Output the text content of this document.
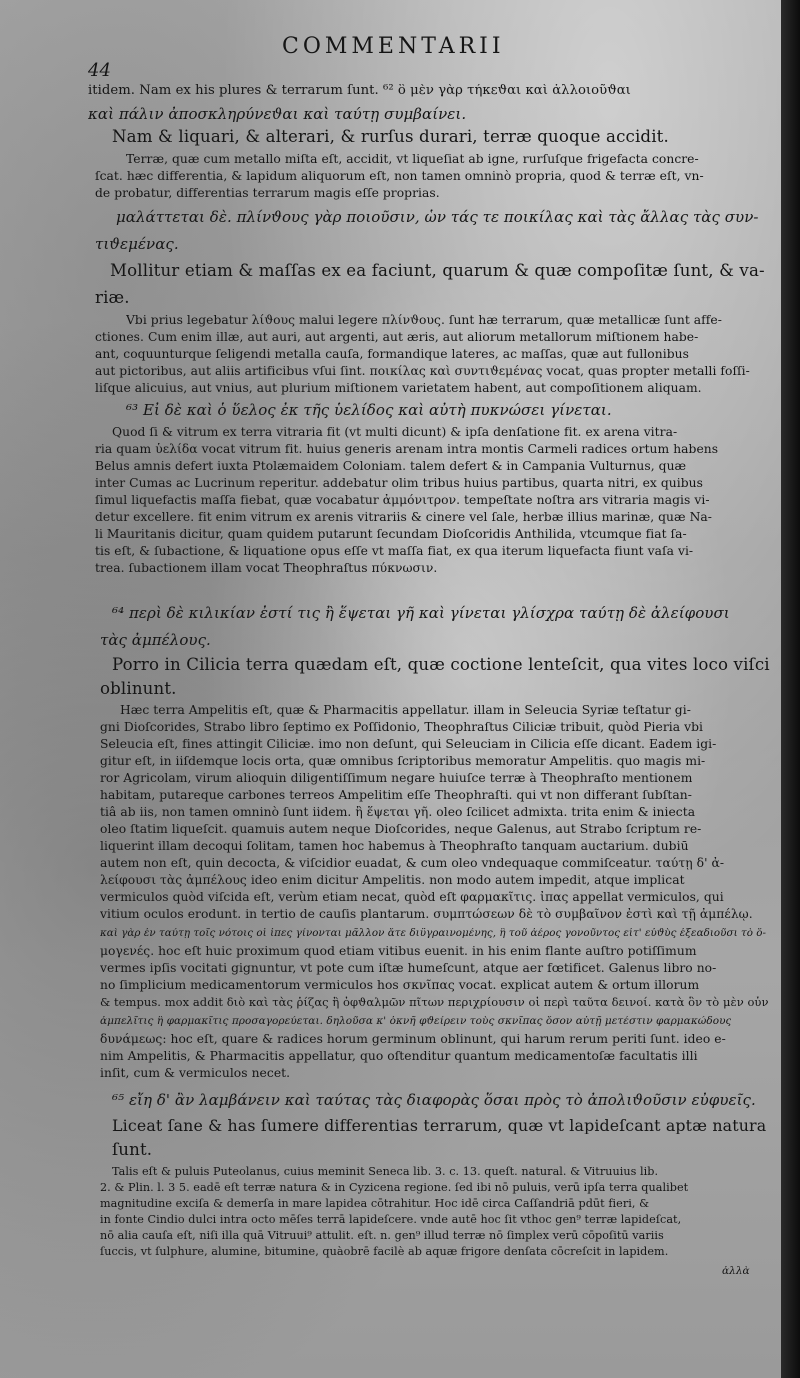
44
COMMENTARII
itidem. Nam ex his plures & terrarum ſunt. ⁶² ὃ μὲν γὰρ τήκεϑαι καὶ ἀλλοιοῦϑαι
καὶ πάλιν ἀποσκληρύνεϑαι καὶ ταύτῃ συμβαίνει.
Nam & liquari, & alterari, & rurſus durari, terræ quoque accidit.
Terræ, quæ cum metallo miſta eſt, accidit, vt liqueſiat ab igne, rurſuſque frigefacta concre-
ſcat. hæc differentia, & lapidum aliquorum eſt, non tamen omninò propria, quod & terræ eſt, vn-
de probatur, differentias terrarum magis eſſe proprias.
μαλάττεται δὲ. πλίνϑους γὰρ ποιοῦσιν, ὧν τάς τε ποικίλας καὶ τὰς ἄλλας τὰς συν-
τιϑεμένας.
Mollitur etiam & maſſas ex ea faciunt, quarum & quæ compoſitæ ſunt, & va-
riæ.
Vbi prius legebatur λίϑους malui legere πλίνϑους. ſunt hæ terrarum, quæ metallicæ ſunt affe-
ctiones. Cum enim illæ, aut auri, aut argenti, aut æris, aut aliorum metallorum miſtionem habe-
ant, coquunturque ſeligendi metalla cauſa, formandique lateres, ac maſſas, quæ aut fullonibus
aut pictoribus, aut aliis artificibus vſui ſint. ποικίλας καὶ συντιϑεμένας vocat, quas propter metalli foſſi-
liſque alicuius, aut vnius, aut plurium miſtionem varietatem habent, aut compoſitionem aliquam.
⁶³ Εἰ δὲ καὶ ὁ ὕελος ἐκ τῆς ὑελίδος καὶ αὐτὴ πυκνώσει γίνεται.
Quod ſi & vitrum ex terra vitraria fit (vt multi dicunt) & ipſa denſatione fit. ex arena vitra-
ria quam ὑελίδα vocat vitrum fit. huius generis arenam intra montis Carmeli radices ortum habens
Belus amnis defert iuxta Ptolæmaidem Coloniam. talem defert & in Campania Vulturnus, quæ
inter Cumas ac Lucrinum reperitur. addebatur olim tribus huius partibus, quarta nitri, ex quibus
ſimul liquefactis maſſa fiebat, quæ vocabatur ἀμμόνιτρον. tempeſtate noſtra ars vitraria magis vi-
detur excellere. fit enim vitrum ex arenis vitrariis & cinere vel ſale, herbæ illius marinæ, quæ Na-
li Mauritanis dicitur, quam quidem putarunt ſecundam Dioſcoridis Anthilida, vtcumque fiat ſa-
tis eſt, & ſubactione, & liquatione opus eſſe vt maſſa fiat, ex qua iterum liquefacta fiunt vaſa vi-
trea. ſubactionem illam vocat Theophraſtus πύκνωσιν.
⁶⁴ περὶ δὲ κιλικίαν ἐστί τις ἢ ἕψεται γῆ καὶ γίνεται γλίσχρα ταύτῃ δὲ ἀλείφουσι
τὰς ἀμπέλους.
Porro in Cilicia terra quædam eſt, quæ coctione lenteſcit, qua vites loco viſci
oblinunt.
Hæc terra Ampelitis eſt, quæ & Pharmacitis appellatur. illam in Seleucia Syriæ teſtatur gi-
gni Dioſcorides, Strabo libro ſeptimo ex Poſſidonio, Theophraſtus Ciliciæ tribuit, quòd Pieria vbi
Seleucia eſt, fines attingit Ciliciæ. imo non deſunt, qui Seleuciam in Cilicia eſſe dicant. Eadem igi-
gitur eſt, in iiſdemque locis orta, quæ omnibus ſcriptoribus memoratur Ampelitis. quo magis mi-
ror Agricolam, virum alioquin diligentiſſimum negare huiuſce terræ à Theophraſto mentionem
habitam, putareque carbones terreos Ampelitim eſſe Theophraſti. qui vt non differant ſubſtan-
tiâ ab iis, non tamen omninò ſunt iidem. ἣ ἕψεται γῆ. oleo ſcilicet admixta. trita enim & iniecta
oleo ſtatim liqueſcit. quamuis autem neque Dioſcorides, neque Galenus, aut Strabo ſcriptum re-
liquerint illam decoqui ſolitam, tamen hoc habemus à Theophraſto tanquam auctarium. dubiū
autem non eſt, quin decocta, & viſcidior euadat, & cum oleo vndequaque commiſceatur. ταύτῃ δ' ἀ-
λείφουσι τὰς ἀμπέλους ideo enim dicitur Ampelitis. non modo autem impedit, atque implicat
vermiculos quòd viſcida eſt, verùm etiam necat, quòd eſt φαρμακῖτις. ἶπας appellat vermiculos, qui
vitium oculos erodunt. in tertio de cauſis plantarum. συμπτώσεων δὲ τὸ συμβαῖνον ἐστὶ καὶ τῇ ἀμπέλῳ.
καὶ γὰρ ἐν ταύτῃ τοῖς νότοις οἱ ἶπες γίνονται μᾶλλον ἅτε διϋγραινομένης, ἢ τοῦ ἀέρος γονοῦντος εἰτ' εὐϑὺς ἐξεαδιοῦσι τὸ ὅ-
μογενές. hoc eſt huic proximum quod etiam vitibus euenit. in his enim flante auſtro potiſſimum
vermes ipſis vocitati gignuntur, vt pote cum iſtæ humeſcunt, atque aer fœtificet. Galenus libro no-
no ſimplicium medicamentorum vermiculos hos σκνῖπας vocat. explicat autem & ortum illorum
& tempus. mox addit διὸ καὶ τὰς ῥίζας ἢ ὀφϑαλμῶν πῖτων περιχρίουσιν οἱ περὶ ταῦτα δεινοί. κατὰ ὃν τὸ μὲν οὖν
ἀμπελῖτις ἢ φαρμακῖτις προσαγορεύεται. δηλοῦσα κ' ὀκνῆ φϑείρειν τοὺς σκνῖπας ὅσον αὐτῇ μετέστιν φαρμακώδους
δυνάμεως: hoc eſt, quare & radices horum germinum oblinunt, qui harum rerum periti ſunt. ideo e-
nim Ampelitis, & Pharmacitis appellatur, quo oſtenditur quantum medicamentoſæ facultatis illi
inſit, cum & vermiculos necet.
⁶⁵ εἴη δ' ἂν λαμβάνειν καὶ ταύτας τὰς διαφορὰς ὅσαι πρὸς τὸ ἀπολιϑοῦσιν εὐφυεῖς.
Liceat ſane & has ſumere differentias terrarum, quæ vt lapideſcant aptæ natura
ſunt.
Talis eſt & puluis Puteolanus, cuius meminit Seneca lib. 3. c. 13. queſt. natural. & Vitruuius lib.
2. & Plin. l. 3 5. eadē eſt terræ natura & in Cyzicena regione. ſed ibi nō puluis, verū ipſa terra qualibet
magnitudine exciſa & demerſa in mare lapidea cōtrahitur. Hoc idē circa Caſſandriā pdūt fieri, &
in fonte Cindio dulci intra octo mēſes terrā lapideſcere. vnde autē hoc ſit vthoc gen⁹ terræ lapideſcat,
nō alia cauſa eſt, niſi illa quā Vitruui⁹ attulit. eſt. n. gen⁹ illud terræ nō ſimplex verū cōpoſitū variis
ſuccis, vt ſulphure, alumine, bitumine, quàobrē facilè ab aquæ frigore denſata cōcreſcit in lapidem.
ἀλλὰ
